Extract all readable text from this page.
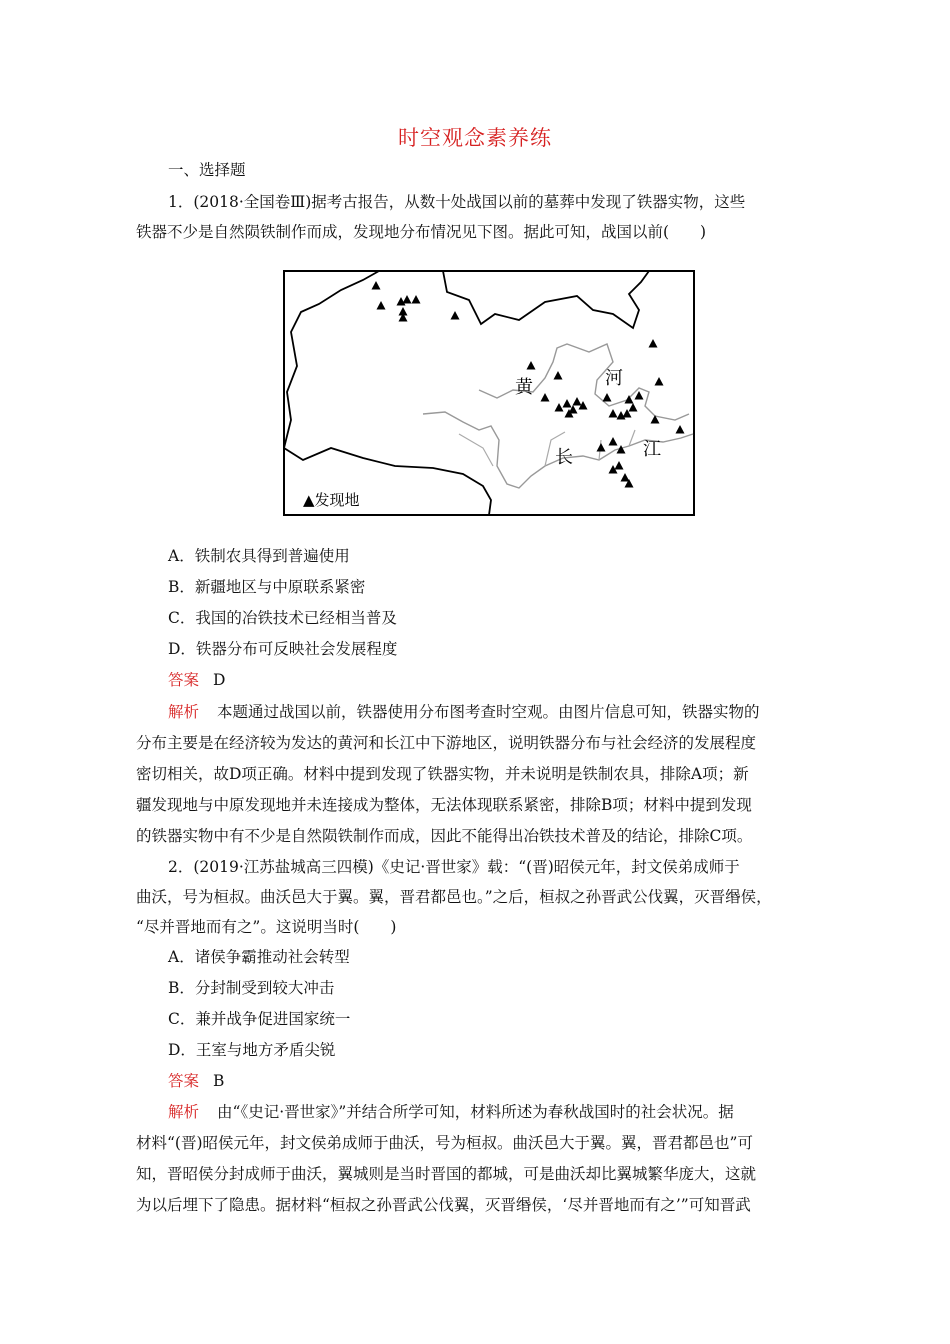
时空观念素养练
一、选择题
1．(2018·全国卷Ⅲ)据考古报告，从数十处战国以前的墓葬中发现了铁器实物，这些
铁器不少是自然陨铁制作而成，发现地分布情况见下图。据此可知，战国以前(　　)
黄	河
长	江
▲发现地
A．铁制农具得到普遍使用
B．新疆地区与中原联系紧密
C．我国的冶铁技术已经相当普及
D．铁器分布可反映社会发展程度
答案 D
解析 本题通过战国以前，铁器使用分布图考查时空观。由图片信息可知，铁器实物的
分布主要是在经济较为发达的黄河和长江中下游地区，说明铁器分布与社会经济的发展程度
密切相关，故D项正确。材料中提到发现了铁器实物，并未说明是铁制农具，排除A项；新
疆发现地与中原发现地并未连接成为整体，无法体现联系紧密，排除B项；材料中提到发现
的铁器实物中有不少是自然陨铁制作而成，因此不能得出冶铁技术普及的结论，排除C项。
2．(2019·江苏盐城高三四模)《史记·晋世家》载：“(晋)昭侯元年，封文侯弟成师于
曲沃，号为桓叔。曲沃邑大于翼。翼，晋君都邑也。”之后，桓叔之孙晋武公伐翼，灭晋缗侯，
“尽并晋地而有之”。这说明当时(　　)
A．诸侯争霸推动社会转型
B．分封制受到较大冲击
C．兼并战争促进国家统一
D．王室与地方矛盾尖锐
答案 B
解析 由“《史记·晋世家》”并结合所学可知，材料所述为春秋战国时的社会状况。据
材料“(晋)昭侯元年，封文侯弟成师于曲沃，号为桓叔。曲沃邑大于翼。翼，晋君都邑也”可
知，晋昭侯分封成师于曲沃，翼城则是当时晋国的都城，可是曲沃却比翼城繁华庞大，这就
为以后埋下了隐患。据材料“桓叔之孙晋武公伐翼，灭晋缗侯，‘尽并晋地而有之’”可知晋武
